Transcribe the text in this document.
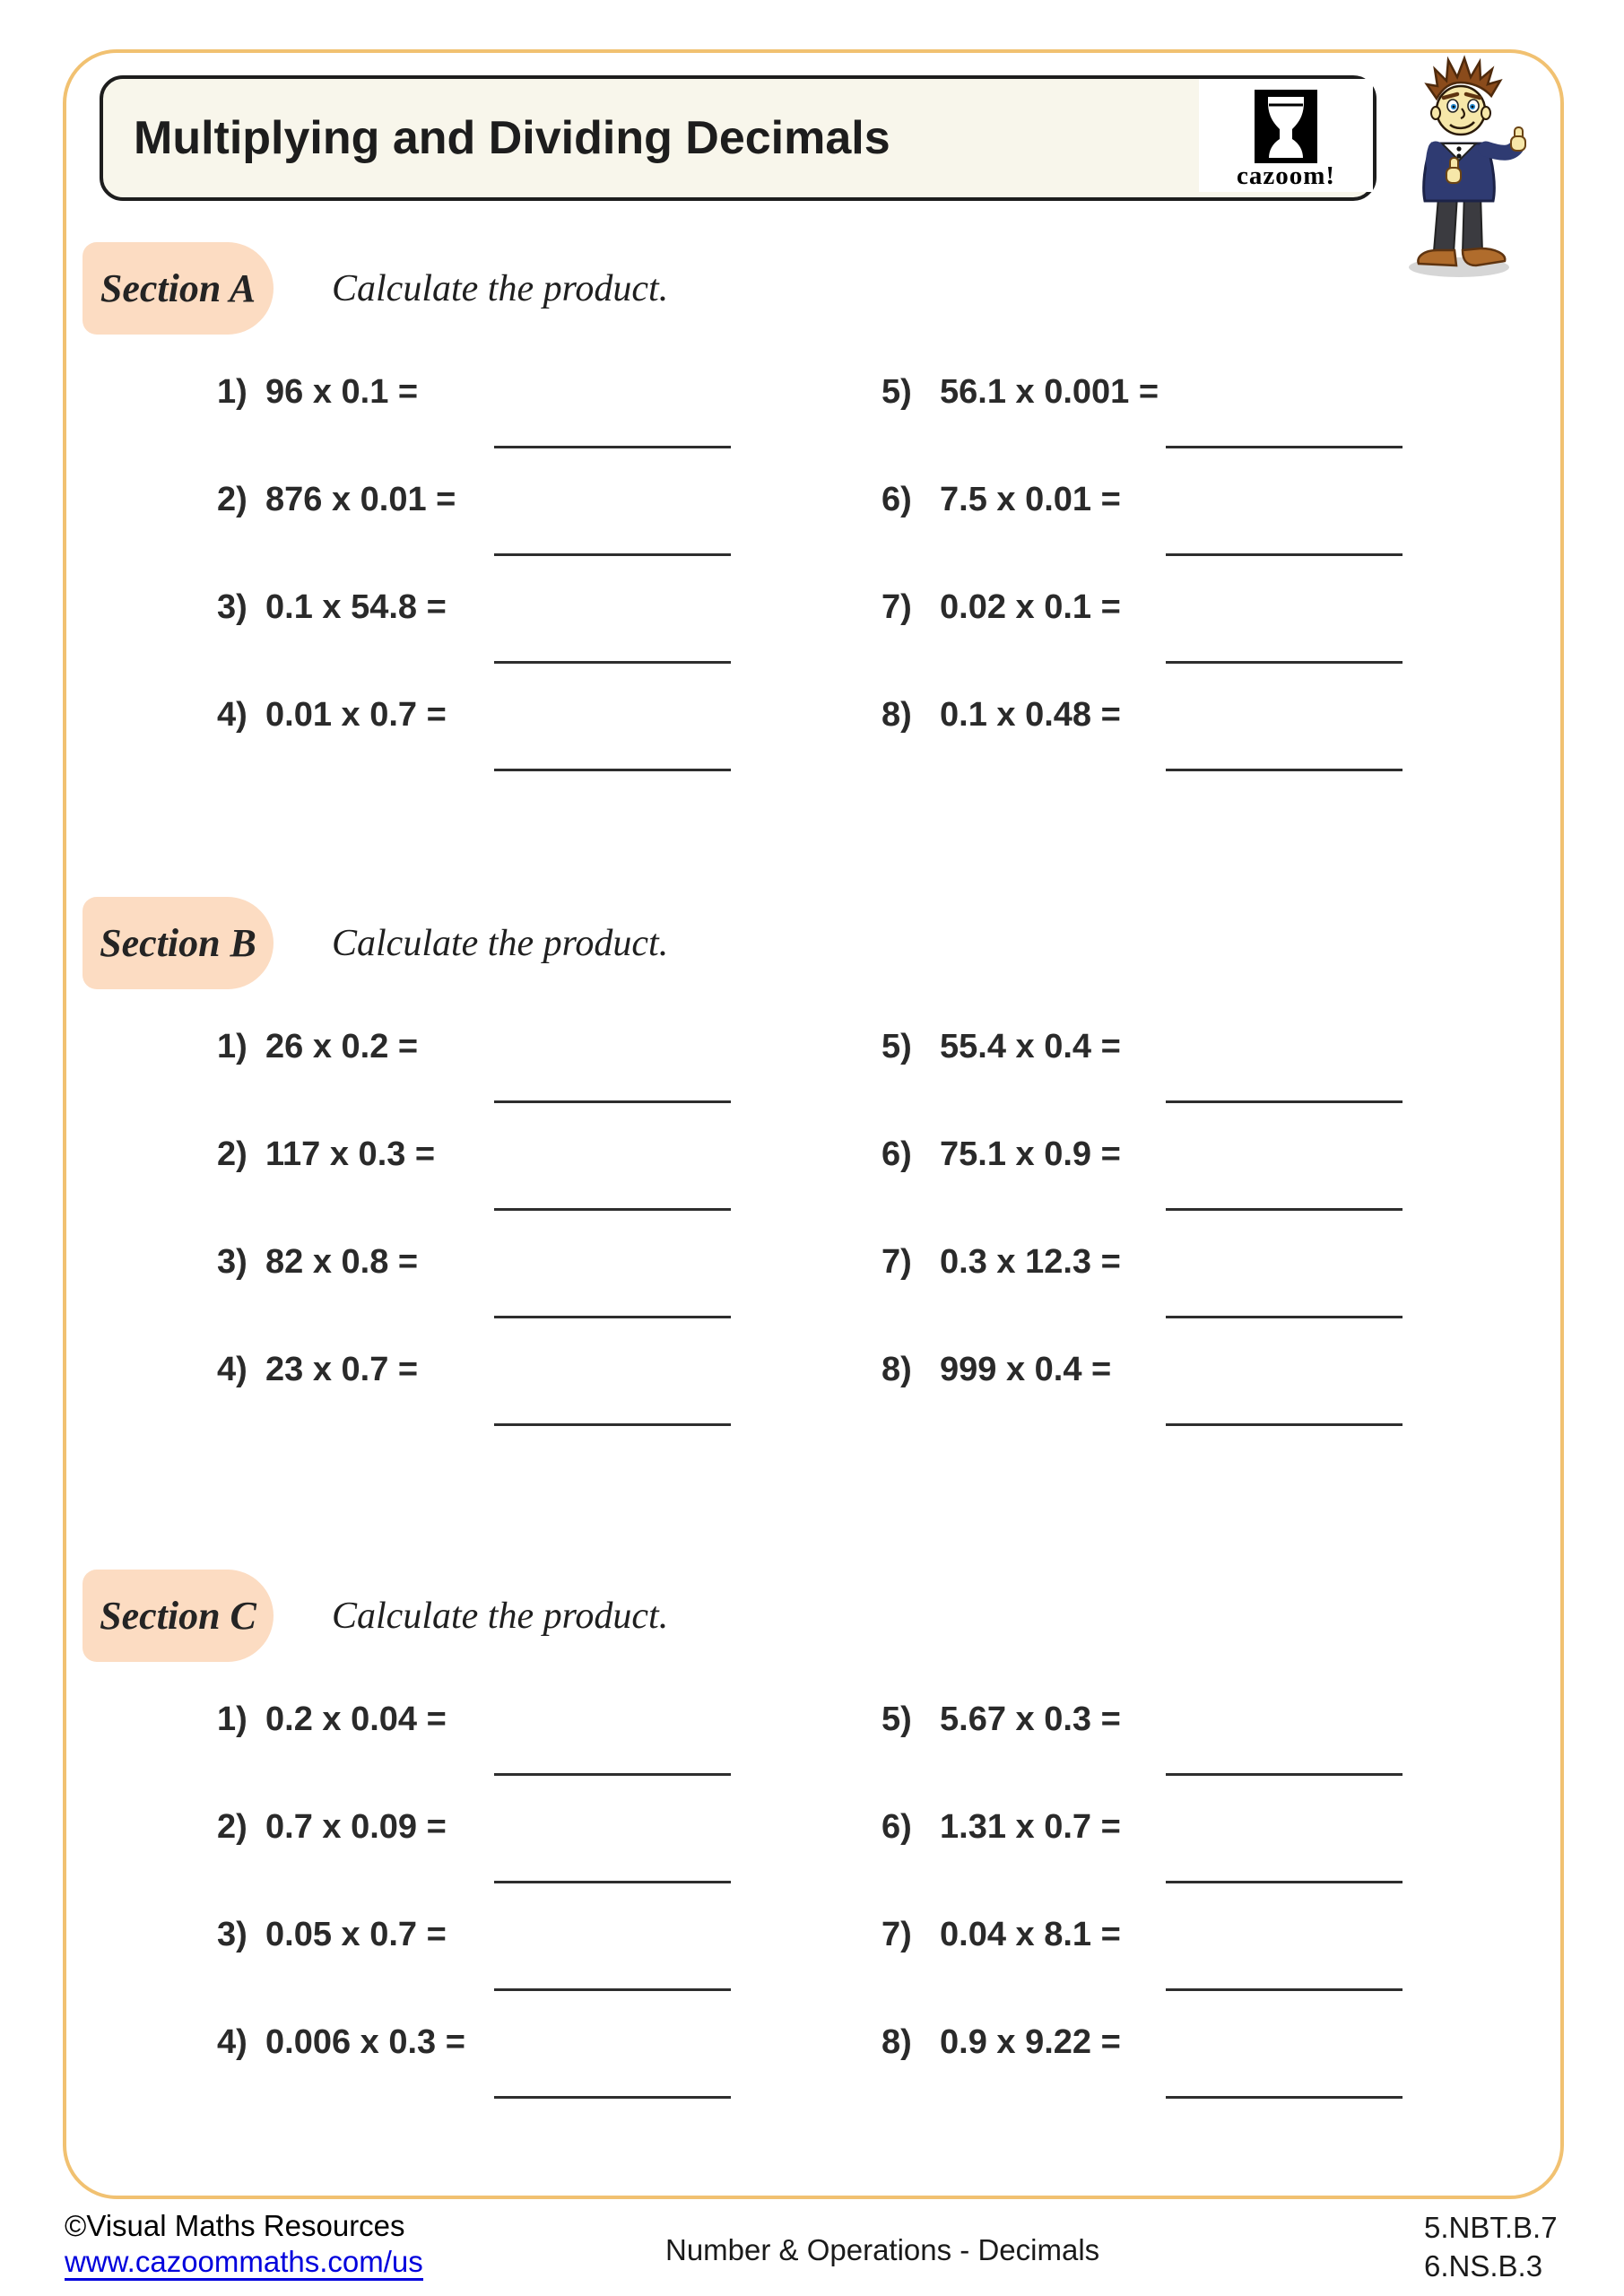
Multiplying and Dividing Decimals
cazoom!
Section A Calculate the product.
1) 96 x 0.1 =
2) 876 x 0.01 =
3) 0.1 x 54.8 =
4) 0.01 x 0.7 =
5) 56.1 x 0.001 =
6) 7.5 x 0.01 =
7) 0.02 x 0.1 =
8) 0.1 x 0.48 =
Section B Calculate the product.
1) 26 x 0.2 =
2) 117 x 0.3 =
3) 82 x 0.8 =
4) 23 x 0.7 =
5) 55.4 x 0.4 =
6) 75.1 x 0.9 =
7) 0.3 x 12.3 =
8) 999 x 0.4 =
Section C Calculate the product.
1) 0.2 x 0.04 =
2) 0.7 x 0.09 =
3) 0.05 x 0.7 =
4) 0.006 x 0.3 =
5) 5.67 x 0.3 =
6) 1.31 x 0.7 =
7) 0.04 x 8.1 =
8) 0.9 x 9.22 =
©Visual Maths Resources
www.cazoommaths.com/us	Number & Operations - Decimals
5.NBT.B.7
6.NS.B.3
